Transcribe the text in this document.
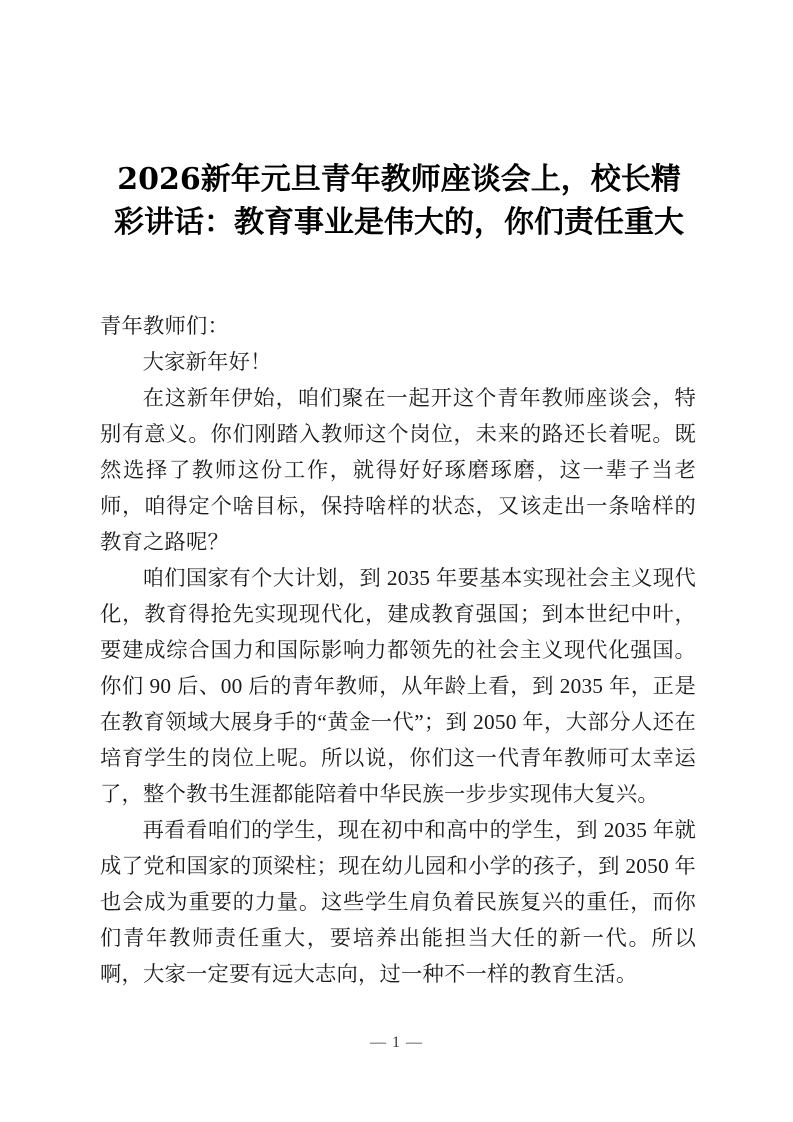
2026新年元旦青年教师座谈会上，校长精彩讲话：教育事业是伟大的，你们责任重大

青年教师们：

大家新年好！

在这新年伊始，咱们聚在一起开这个青年教师座谈会，特别有意义。你们刚踏入教师这个岗位，未来的路还长着呢。既然选择了教师这份工作，就得好好琢磨琢磨，这一辈子当老师，咱得定个啥目标，保持啥样的状态，又该走出一条啥样的教育之路呢？

咱们国家有个大计划，到 2035 年要基本实现社会主义现代化，教育得抢先实现现代化，建成教育强国；到本世纪中叶，要建成综合国力和国际影响力都领先的社会主义现代化强国。你们 90 后、00 后的青年教师，从年龄上看，到 2035 年，正是在教育领域大展身手的“黄金一代”；到 2050 年，大部分人还在培育学生的岗位上呢。所以说，你们这一代青年教师可太幸运了，整个教书生涯都能陪着中华民族一步步实现伟大复兴。

再看看咱们的学生，现在初中和高中的学生，到 2035 年就成了党和国家的顶梁柱；现在幼儿园和小学的孩子，到 2050 年也会成为重要的力量。这些学生肩负着民族复兴的重任，而你们青年教师责任重大，要培养出能担当大任的新一代。所以啊，大家一定要有远大志向，过一种不一样的教育生活。

— 1 —
